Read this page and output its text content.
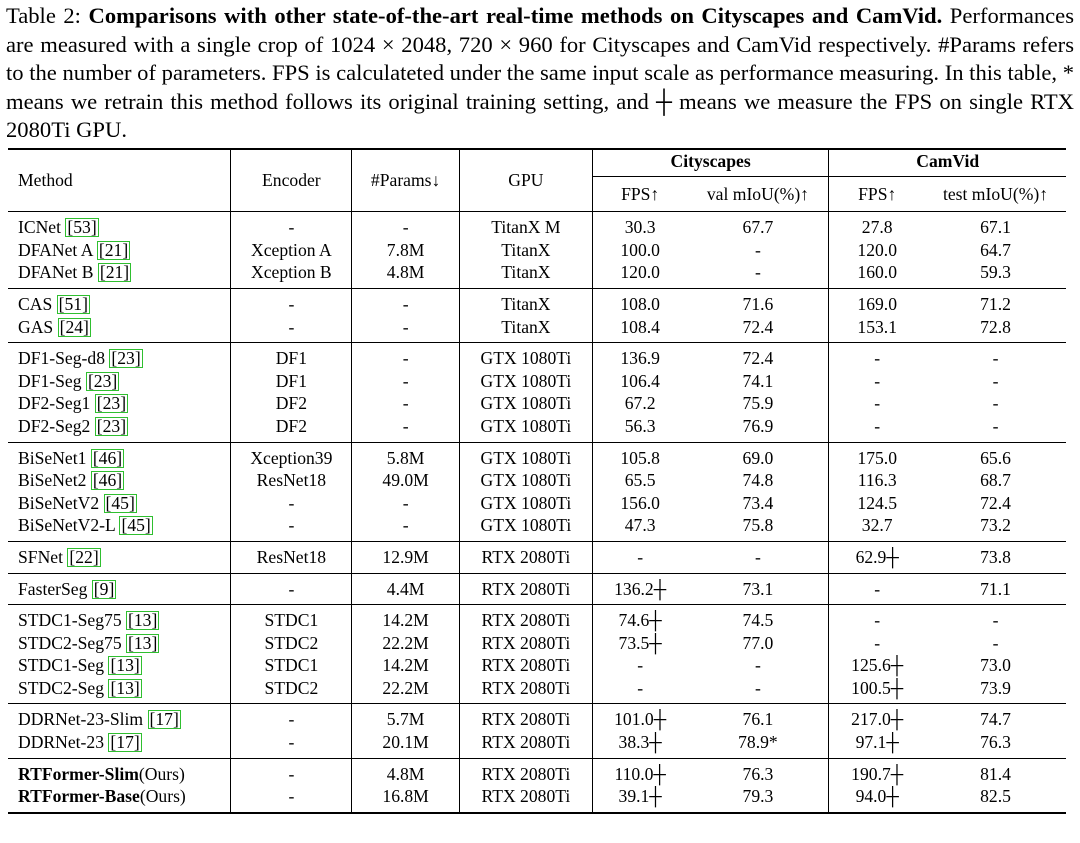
Table 2: Comparisons with other state-of-the-art real-time methods on Cityscapes and CamVid. Performances are measured with a single crop of 1024 × 2048, 720 × 960 for Cityscapes and CamVid respectively. #Params refers to the number of parameters. FPS is calculateted under the same input scale as performance measuring. In this table, * means we retrain this method follows its original training setting, and ┼ means we measure the FPS on single RTX 2080Ti GPU.
Method	Encoder	#Params↓	GPU	Cityscapes		CamVid	
				FPS↑	val mIoU(%)↑	FPS↑	test mIoU(%)↑
ICNet [53]	-	-	TitanX M	30.3	67.7	27.8	67.1
DFANet A [21]	Xception A	7.8M	TitanX	100.0	-	120.0	64.7
DFANet B [21]	Xception B	4.8M	TitanX	120.0	-	160.0	59.3
CAS [51]	-	-	TitanX	108.0	71.6	169.0	71.2
GAS [24]	-	-	TitanX	108.4	72.4	153.1	72.8
DF1-Seg-d8 [23]	DF1	-	GTX 1080Ti	136.9	72.4	-	-
DF1-Seg [23]	DF1	-	GTX 1080Ti	106.4	74.1	-	-
DF2-Seg1 [23]	DF2	-	GTX 1080Ti	67.2	75.9	-	-
DF2-Seg2 [23]	DF2	-	GTX 1080Ti	56.3	76.9	-	-
BiSeNet1 [46]	Xception39	5.8M	GTX 1080Ti	105.8	69.0	175.0	65.6
BiSeNet2 [46]	ResNet18	49.0M	GTX 1080Ti	65.5	74.8	116.3	68.7
BiSeNetV2 [45]	-	-	GTX 1080Ti	156.0	73.4	124.5	72.4
BiSeNetV2-L [45]	-	-	GTX 1080Ti	47.3	75.8	32.7	73.2
SFNet [22]	ResNet18	12.9M	RTX 2080Ti	-	-	62.9┼	73.8
FasterSeg [9]	-	4.4M	RTX 2080Ti	136.2┼	73.1	-	71.1
STDC1-Seg75 [13]	STDC1	14.2M	RTX 2080Ti	74.6┼	74.5	-	-
STDC2-Seg75 [13]	STDC2	22.2M	RTX 2080Ti	73.5┼	77.0	-	-
STDC1-Seg [13]	STDC1	14.2M	RTX 2080Ti	-	-	125.6┼	73.0
STDC2-Seg [13]	STDC2	22.2M	RTX 2080Ti	-	-	100.5┼	73.9
DDRNet-23-Slim [17]	-	5.7M	RTX 2080Ti	101.0┼	76.1	217.0┼	74.7
DDRNet-23 [17]	-	20.1M	RTX 2080Ti	38.3┼	78.9*	97.1┼	76.3
RTFormer-Slim(Ours)	-	4.8M	RTX 2080Ti	110.0┼	76.3	190.7┼	81.4
RTFormer-Base(Ours)	-	16.8M	RTX 2080Ti	39.1┼	79.3	94.0┼	82.5
